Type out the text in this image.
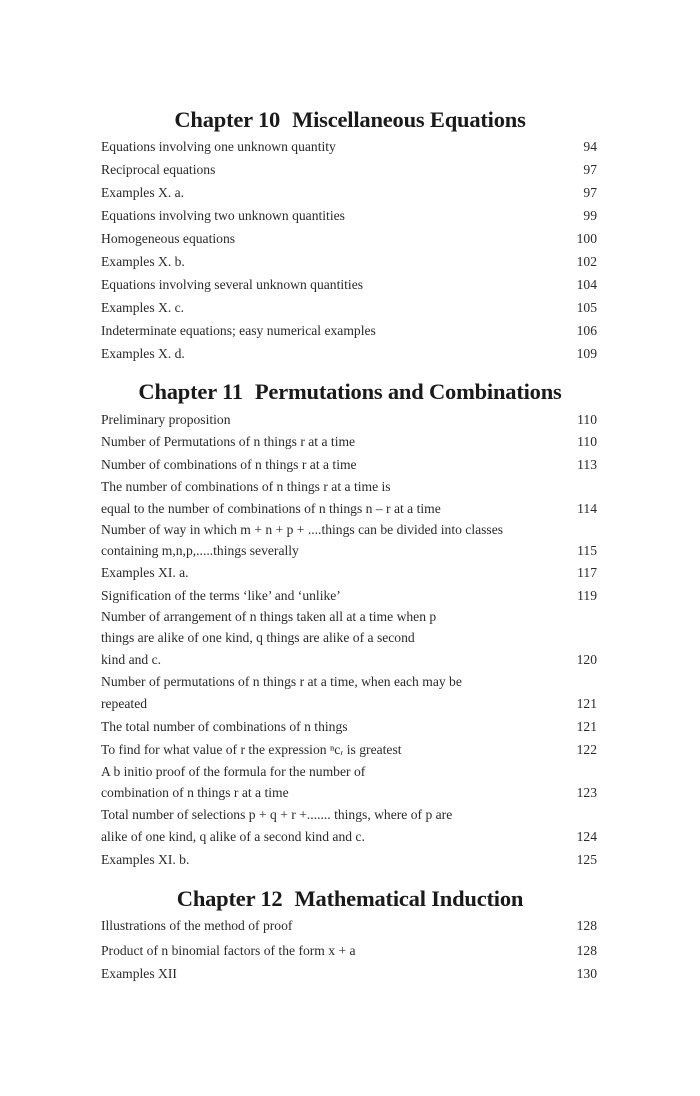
Chapter 10 Miscellaneous Equations
Equations involving one unknown quantity	94
Reciprocal equations	97
Examples X. a.	97
Equations involving two unknown quantities	99
Homogeneous equations	100
Examples X. b.	102
Equations involving several unknown quantities	104
Examples X. c.	105
Indeterminate equations; easy numerical examples	106
Examples X. d.	109
Chapter 11 Permutations and Combinations
Preliminary proposition	110
Number of Permutations of n things r at a time	110
Number of combinations of n things r at a time	113
The number of combinations of n things r at a time is
equal to the number of combinations of n things n – r at a time	114
Number of way in which m + n + p + ....things can be divided into classes
containing m,n,p,.....things severally	115
Examples XI. a.	117
Signification of the terms ‘like’ and ‘unlike’	119
Number of arrangement of n things taken all at a time when p
things are alike of one kind, q things are alike of a second
kind and c.	120
Number of permutations of n things r at a time, when each may be
repeated	121
The total number of combinations of n things	121
To find for what value of r the expression ⁿcᵣ is greatest	122
A b initio proof of the formula for the number of
combination of n things r at a time	123
Total number of selections p + q + r +....... things, where of p are
alike of one kind, q alike of a second kind and c.	124
Examples XI. b.	125
Chapter 12 Mathematical Induction
Illustrations of the method of proof	128
Product of n binomial factors of the form x + a	128
Examples XII	130
